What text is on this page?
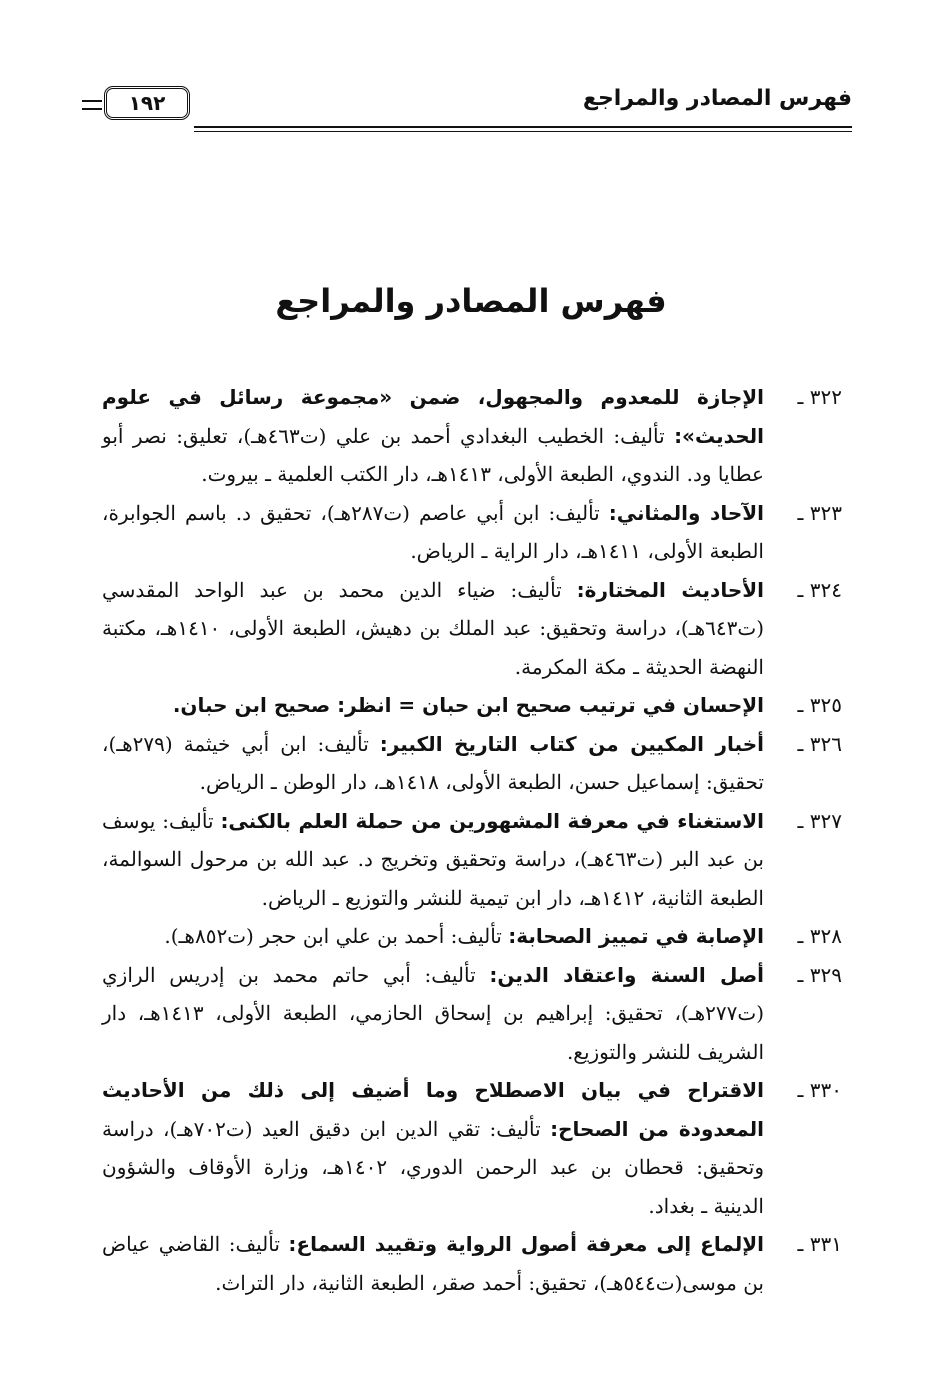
فهرس المصادر والمراجع
١٩٢
فهرس المصادر والمراجع
٣٢٢ ـ
الإجازة للمعدوم والمجهول، ضمن «مجموعة رسائل في علوم الحديث»: تأليف: الخطيب البغدادي أحمد بن علي (ت٤٦٣هـ)، تعليق: نصر أبو عطايا ود. الندوي، الطبعة الأولى، ١٤١٣هـ، دار الكتب العلمية ـ بيروت.
٣٢٣ ـ
الآحاد والمثاني: تأليف: ابن أبي عاصم (ت٢٨٧هـ)، تحقيق د. باسم الجوابرة، الطبعة الأولى، ١٤١١هـ، دار الراية ـ الرياض.
٣٢٤ ـ
الأحاديث المختارة: تأليف: ضياء الدين محمد بن عبد الواحد المقدسي (ت٦٤٣هـ)، دراسة وتحقيق: عبد الملك بن دهيش، الطبعة الأولى، ١٤١٠هـ، مكتبة النهضة الحديثة ـ مكة المكرمة.
٣٢٥ ـ
الإحسان في ترتيب صحيح ابن حبان = انظر: صحيح ابن حبان.
٣٢٦ ـ
أخبار المكيين من كتاب التاريخ الكبير: تأليف: ابن أبي خيثمة (٢٧٩هـ)، تحقيق: إسماعيل حسن، الطبعة الأولى، ١٤١٨هـ، دار الوطن ـ الرياض.
٣٢٧ ـ
الاستغناء في معرفة المشهورين من حملة العلم بالكنى: تأليف: يوسف بن عبد البر (ت٤٦٣هـ)، دراسة وتحقيق وتخريج د. عبد الله بن مرحول السوالمة، الطبعة الثانية، ١٤١٢هـ، دار ابن تيمية للنشر والتوزيع ـ الرياض.
٣٢٨ ـ
الإصابة في تمييز الصحابة: تأليف: أحمد بن علي ابن حجر (ت٨٥٢هـ).
٣٢٩ ـ
أصل السنة واعتقاد الدين: تأليف: أبي حاتم محمد بن إدريس الرازي (ت٢٧٧هـ)، تحقيق: إبراهيم بن إسحاق الحازمي، الطبعة الأولى، ١٤١٣هـ، دار الشريف للنشر والتوزيع.
٣٣٠ ـ
الاقتراح في بيان الاصطلاح وما أضيف إلى ذلك من الأحاديث المعدودة من الصحاح: تأليف: تقي الدين ابن دقيق العيد (ت٧٠٢هـ)، دراسة وتحقيق: قحطان بن عبد الرحمن الدوري، ١٤٠٢هـ، وزارة الأوقاف والشؤون الدينية ـ بغداد.
٣٣١ ـ
الإلماع إلى معرفة أصول الرواية وتقييد السماع: تأليف: القاضي عياض بن موسى(ت٥٤٤هـ)، تحقيق: أحمد صقر، الطبعة الثانية، دار التراث.
